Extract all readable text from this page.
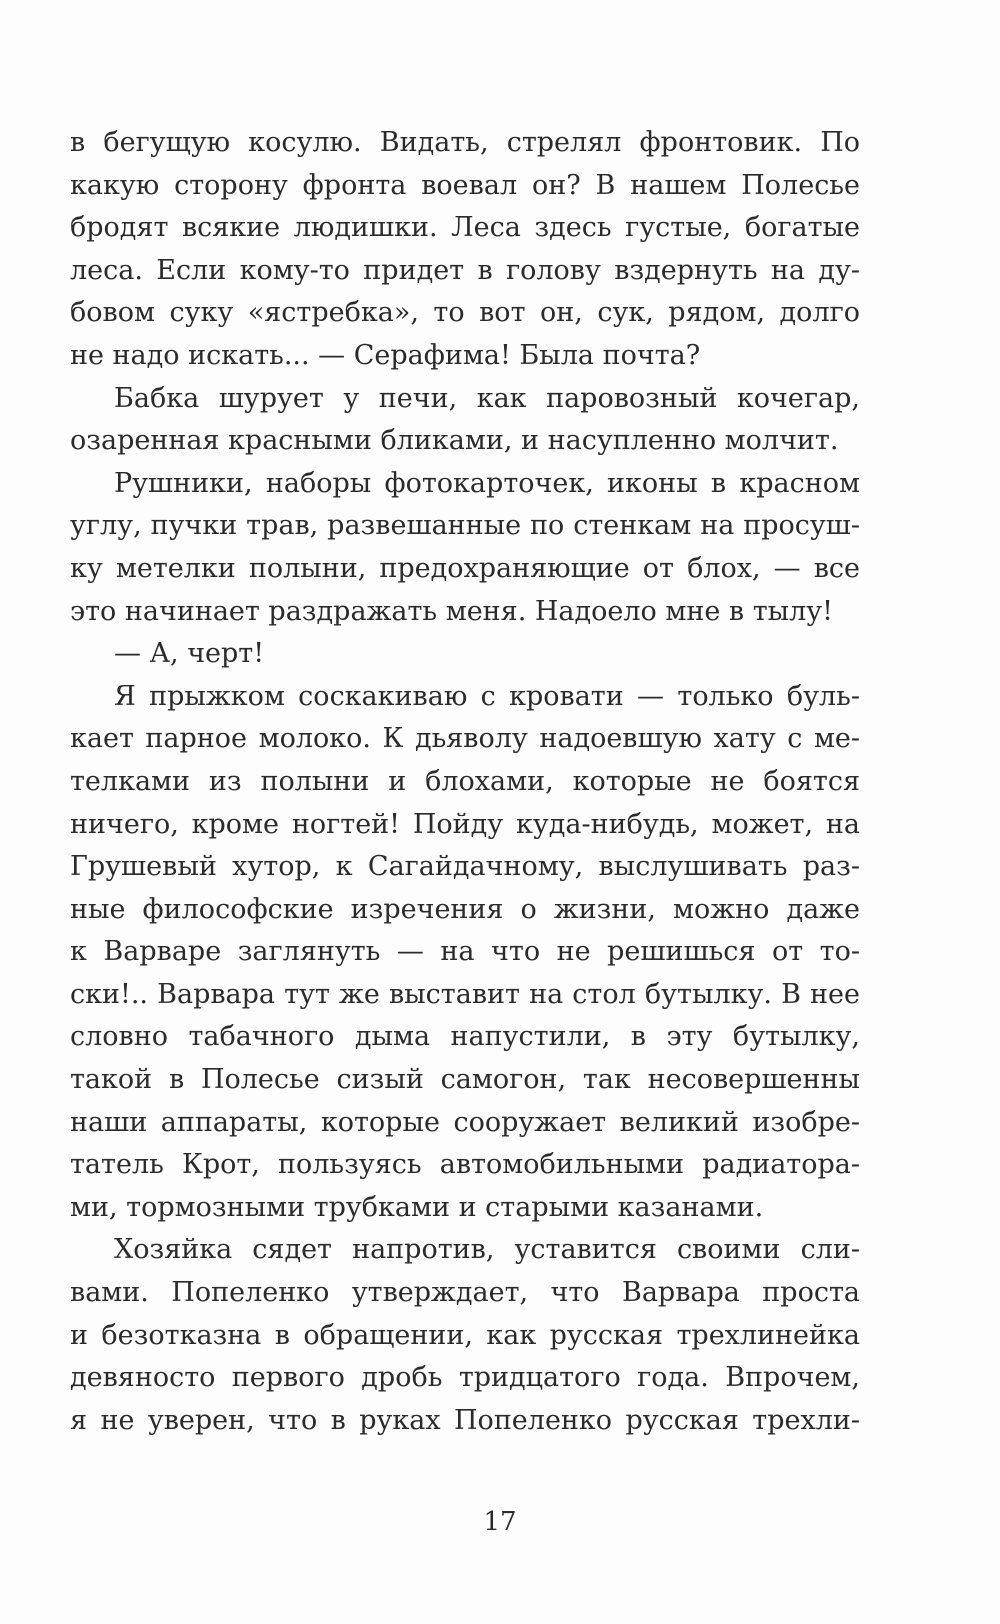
в бегущую косулю. Видать, стрелял фронтовик. По
какую сторону фронта воевал он? В нашем Полесье
бродят всякие людишки. Леса здесь густые, богатые
леса. Если кому-то придет в голову вздернуть на ду-
бовом суку «ястребка», то вот он, сук, рядом, долго
не надо искать... — Серафима! Была почта?
Бабка шурует у печи, как паровозный кочегар,
озаренная красными бликами, и насупленно молчит.
Рушники, наборы фотокарточек, иконы в красном
углу, пучки трав, развешанные по стенкам на просуш-
ку метелки полыни, предохраняющие от блох, — все
это начинает раздражать меня. Надоело мне в тылу!
— А, черт!
Я прыжком соскакиваю с кровати — только буль-
кает парное молоко. К дьяволу надоевшую хату с ме-
телками из полыни и блохами, которые не боятся
ничего, кроме ногтей! Пойду куда-нибудь, может, на
Грушевый хутор, к Сагайдачному, выслушивать раз-
ные философские изречения о жизни, можно даже
к Варваре заглянуть — на что не решишься от то-
ски!.. Варвара тут же выставит на стол бутылку. В нее
словно табачного дыма напустили, в эту бутылку,
такой в Полесье сизый самогон, так несовершенны
наши аппараты, которые сооружает великий изобре-
татель Крот, пользуясь автомобильными радиатора-
ми, тормозными трубками и старыми казанами.
Хозяйка сядет напротив, уставится своими сли-
вами. Попеленко утверждает, что Варвара проста
и безотказна в обращении, как русская трехлинейка
девяносто первого дробь тридцатого года. Впрочем,
я не уверен, что в руках Попеленко русская трехли-
17
